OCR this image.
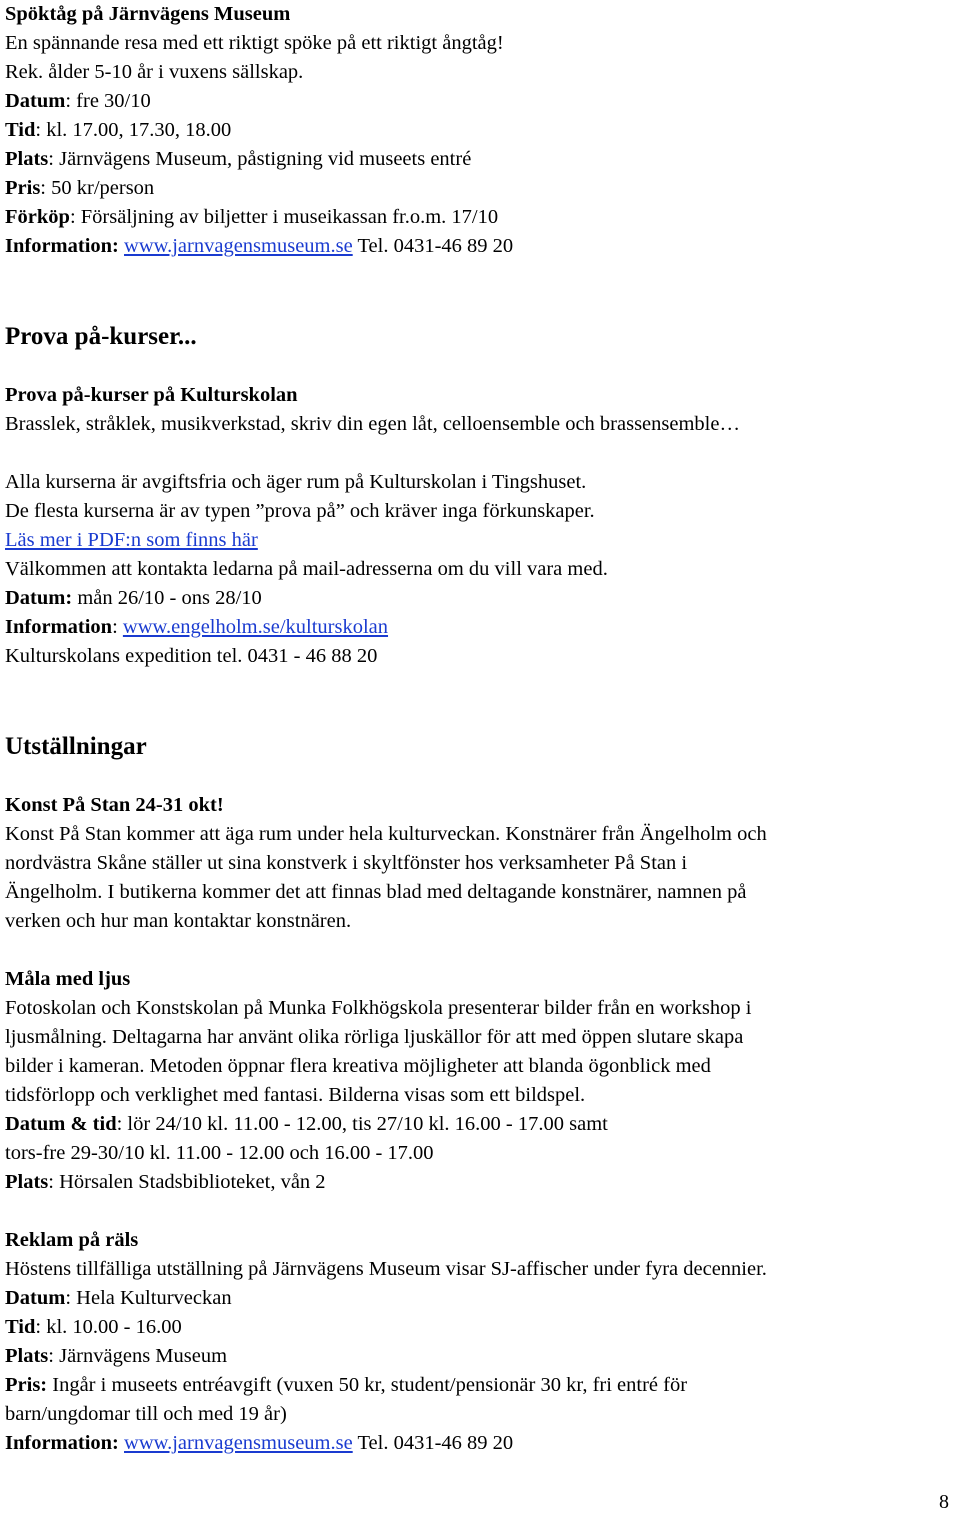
Spöktåg på Järnvägens Museum
En spännande resa med ett riktigt spöke på ett riktigt ångtåg!
Rek. ålder 5-10 år i vuxens sällskap.
Datum: fre 30/10
Tid: kl. 17.00, 17.30, 18.00
Plats: Järnvägens Museum, påstigning vid museets entré
Pris: 50 kr/person
Förköp: Försäljning av biljetter i museikassan fr.o.m. 17/10
Information: www.jarnvagensmuseum.se Tel. 0431-46 89 20
Prova på-kurser...
Prova på-kurser på Kulturskolan
Brasslek, stråklek, musikverkstad, skriv din egen låt, celloensemble och brassensemble…
Alla kurserna är avgiftsfria och äger rum på Kulturskolan i Tingshuset.
De flesta kurserna är av typen ”prova på” och kräver inga förkunskaper.
Läs mer i PDF:n som finns här
Välkommen att kontakta ledarna på mail-adresserna om du vill vara med.
Datum: mån 26/10 - ons 28/10
Information: www.engelholm.se/kulturskolan
Kulturskolans expedition tel. 0431 - 46 88 20
Utställningar
Konst På Stan 24-31 okt!
Konst På Stan kommer att äga rum under hela kulturveckan. Konstnärer från Ängelholm och
nordvästra Skåne ställer ut sina konstverk i skyltfönster hos verksamheter På Stan i
Ängelholm. I butikerna kommer det att finnas blad med deltagande konstnärer, namnen på
verken och hur man kontaktar konstnären.
Måla med ljus
Fotoskolan och Konstskolan på Munka Folkhögskola presenterar bilder från en workshop i
ljusmålning. Deltagarna har använt olika rörliga ljuskällor för att med öppen slutare skapa
bilder i kameran. Metoden öppnar flera kreativa möjligheter att blanda ögonblick med
tidsförlopp och verklighet med fantasi. Bilderna visas som ett bildspel.
Datum & tid: lör 24/10 kl. 11.00 - 12.00, tis 27/10 kl. 16.00 - 17.00 samt
tors-fre 29-30/10 kl. 11.00 - 12.00 och 16.00 - 17.00
Plats: Hörsalen Stadsbiblioteket, vån 2
Reklam på räls
Höstens tillfälliga utställning på Järnvägens Museum visar SJ-affischer under fyra decennier.
Datum: Hela Kulturveckan
Tid: kl. 10.00 - 16.00
Plats: Järnvägens Museum
Pris: Ingår i museets entréavgift (vuxen 50 kr, student/pensionär 30 kr, fri entré för
barn/ungdomar till och med 19 år)
Information: www.jarnvagensmuseum.se Tel. 0431-46 89 20
8
